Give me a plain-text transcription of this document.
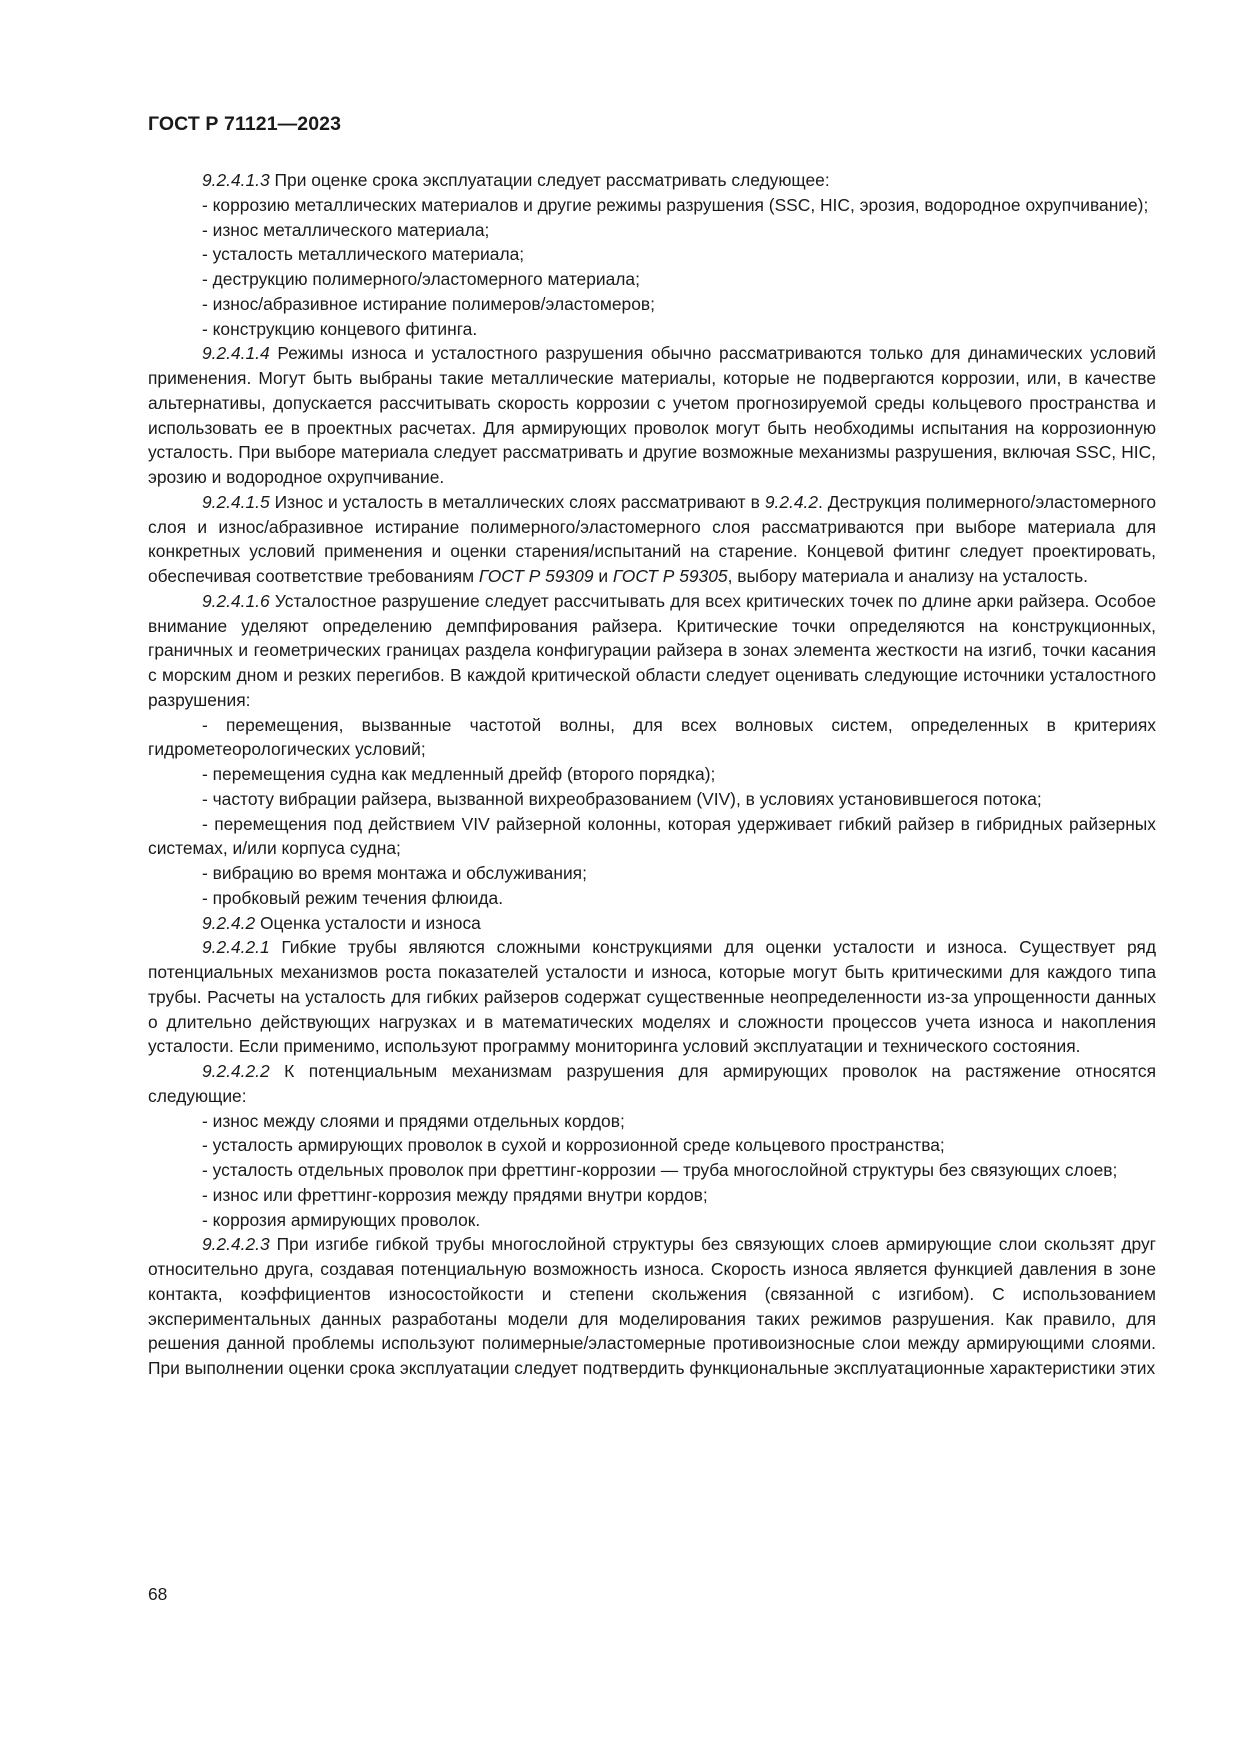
ГОСТ Р 71121—2023

9.2.4.1.3 При оценке срока эксплуатации следует рассматривать следующее:

- коррозию металлических материалов и другие режимы разрушения (SSC, HIC, эрозия, водородное охрупчивание);

- износ металлического материала;

- усталость металлического материала;

- деструкцию полимерного/эластомерного материала;

- износ/абразивное истирание полимеров/эластомеров;

- конструкцию концевого фитинга.

9.2.4.1.4 Режимы износа и усталостного разрушения обычно рассматриваются только для динамических условий применения. Могут быть выбраны такие металлические материалы, которые не подвергаются коррозии, или, в качестве альтернативы, допускается рассчитывать скорость коррозии с учетом прогнозируемой среды кольцевого пространства и использовать ее в проектных расчетах. Для армирующих проволок могут быть необходимы испытания на коррозионную усталость. При выборе материала следует рассматривать и другие возможные механизмы разрушения, включая SSC, HIC, эрозию и водородное охрупчивание.

9.2.4.1.5 Износ и усталость в металлических слоях рассматривают в 9.2.4.2. Деструкция полимерного/эластомерного слоя и износ/абразивное истирание полимерного/эластомерного слоя рассматриваются при выборе материала для конкретных условий применения и оценки старения/испытаний на старение. Концевой фитинг следует проектировать, обеспечивая соответствие требованиям ГОСТ Р 59309 и ГОСТ Р 59305, выбору материала и анализу на усталость.

9.2.4.1.6 Усталостное разрушение следует рассчитывать для всех критических точек по длине арки райзера. Особое внимание уделяют определению демпфирования райзера. Критические точки определяются на конструкционных, граничных и геометрических границах раздела конфигурации райзера в зонах элемента жесткости на изгиб, точки касания с морским дном и резких перегибов. В каждой критической области следует оценивать следующие источники усталостного разрушения:

- перемещения, вызванные частотой волны, для всех волновых систем, определенных в критериях гидрометеорологических условий;

- перемещения судна как медленный дрейф (второго порядка);

- частоту вибрации райзера, вызванной вихреобразованием (VIV), в условиях установившегося потока;

- перемещения под действием VIV райзерной колонны, которая удерживает гибкий райзер в гибридных райзерных системах, и/или корпуса судна;

- вибрацию во время монтажа и обслуживания;

- пробковый режим течения флюида.

9.2.4.2 Оценка усталости и износа

9.2.4.2.1 Гибкие трубы являются сложными конструкциями для оценки усталости и износа. Существует ряд потенциальных механизмов роста показателей усталости и износа, которые могут быть критическими для каждого типа трубы. Расчеты на усталость для гибких райзеров содержат существенные неопределенности из-за упрощенности данных о длительно действующих нагрузках и в математических моделях и сложности процессов учета износа и накопления усталости. Если применимо, используют программу мониторинга условий эксплуатации и технического состояния.

9.2.4.2.2 К потенциальным механизмам разрушения для армирующих проволок на растяжение относятся следующие:

- износ между слоями и прядями отдельных кордов;

- усталость армирующих проволок в сухой и коррозионной среде кольцевого пространства;

- усталость отдельных проволок при фреттинг-коррозии — труба многослойной структуры без связующих слоев;

- износ или фреттинг-коррозия между прядями внутри кордов;

- коррозия армирующих проволок.

9.2.4.2.3 При изгибе гибкой трубы многослойной структуры без связующих слоев армирующие слои скользят друг относительно друга, создавая потенциальную возможность износа. Скорость износа является функцией давления в зоне контакта, коэффициентов износостойкости и степени скольжения (связанной с изгибом). С использованием экспериментальных данных разработаны модели для моделирования таких режимов разрушения. Как правило, для решения данной проблемы используют полимерные/эластомерные противоизносные слои между армирующими слоями. При выполнении оценки срока эксплуатации следует подтвердить функциональные эксплуатационные характеристики этих

68
